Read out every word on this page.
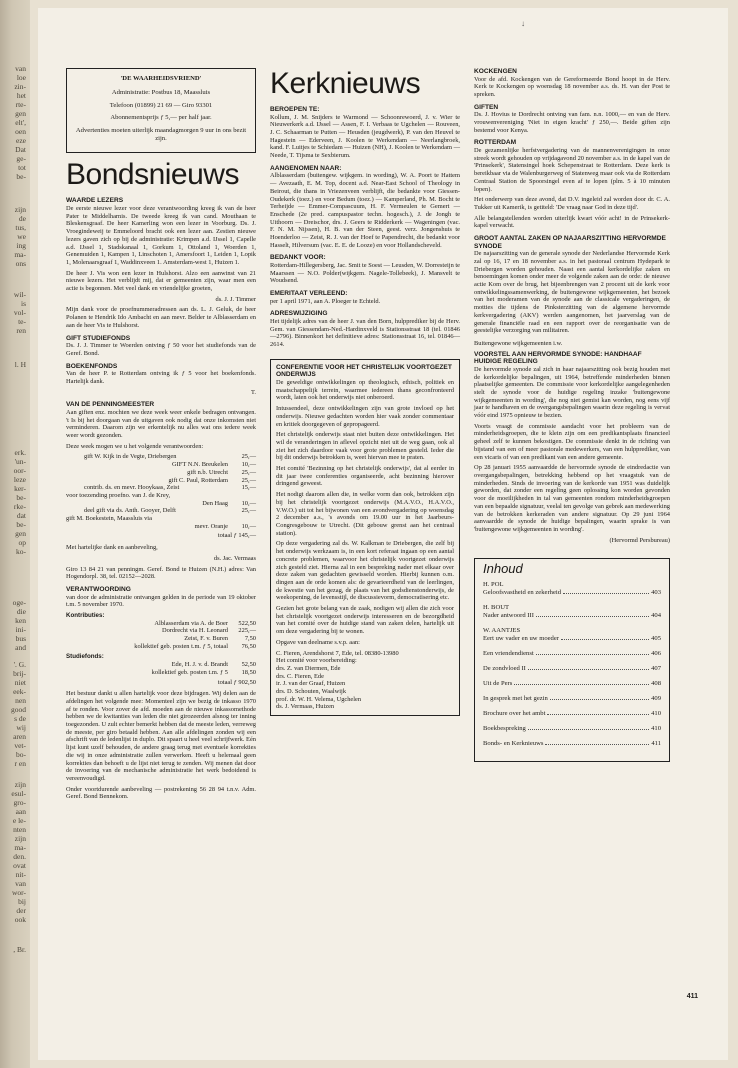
van
loe
zin-
het
rte-
gen
elt',
oen
eze
Dat
ge-
tot
be-
zijn
de
tus,
we
ing
ma-
ons
wil-
is
vol-
te-
ren
l. H
erk.
'un-
oor-
leze
ker-
be-
rke-
dat
be-
gen
op
ko-
oge-
die
ken
ini-
bus
and
'. G.
brij-
niet
eek-
nen
good
s de
wij
aren
vet-
bo-
r en
zijn
esul-
gro-
aan
e le-
nten
zijn
ma-
den.
ovat
nit-
van
wor-
bij
der
ook
, Br.
↓
'DE WAARHEIDSVRIEND'
Administratie: Postbus 18, Maassluis
Telefoon (01899) 21 69 — Giro 93301
Abonnementsprijs ƒ 5,— per half jaar.
Advertenties moeten uiterlijk maandagmorgen 9 uur in ons bezit zijn.
Bondsnieuws
WAARDE LEZERS

De eerste nieuwe lezer voor deze verantwoording kreeg ik van de heer Pater te Middelharnis. De tweede kreeg ik van cand. Mouthaan te Bleskensgraaf. De heer Kamerling won een lezer in Voorburg. Ds. J. Vroegindeweij te Emmeloord bracht ook een lezer aan. Zestien nieuwe lezers gaven zich op bij de administratie: Krimpen a.d. IJssel 1, Capelle a.d. IJssel 1, Stadskanaal 1, Gorkum 1, Ottoland 1, Woerden 1, Genemuiden 1, Kampen 1, Linschoten 1, Amersfoort 1, Leiden 1, Lopik 1, Molenaarsgraaf 1, Waddinxveen 1. Amsterdam-west 1, Huizen 1.

De heer J. Vis won een lezer in Hulshorst. Alzo een aanwinst van 21 nieuwe lezers. Het verblijdt mij, dat er gemeenten zijn, waar men een actie is begonnen. Met veel dank en vriendelijke groeten,

ds. J. J. Timmer

Mijn dank voor de proefnummeradressen aan ds. L. J. Geluk, de heer Polanen te Hendrik Ido Ambacht en aan mevr. Belder te Alblasserdam en aan de heer Vis te Hulshorst.

GIFT STUDIEFONDS

Ds. J. J. Timmer te Woerden ontving ƒ 50 voor het studiefonds van de Geref. Bond.

BOEKENFONDS

Van de heer P. te Rotterdam ontving ik ƒ 5 voor het boekenfonds. Hartelijk dank.

T.

VAN DE PENNINGMEESTER

Aan giften enz. mochten we deze week weer enkele bedragen ontvangen. 't Is bij het doorgaan van de uitgaven ook nodig dat onze inkomsten niet verminderen. Daarom zijn we erkentelijk nu alles wat ons iedere week weer wordt gezonden.

Deze week mogen we u het volgende verantwoorden:

gift W. Kijk in de Vegte, Driebergen	25,—
GIFT N.N. Breukelen	10,—
gift n.b. Utrecht	25,—
gift C. Paul, Rotterdam	25,—
contrib. ds. en mevr. Hooykaas, Zeist	15,—
voor toezending proefno. van J. de Krey,
Den Haag	10,—
deel gift via ds. Anth. Gooyer, Delft	25,—
gift M. Boekestein, Maassluis via
mevr. Oranje	10,—
totaal ƒ 145,—

Met hartelijke dank en aanbeveling,

ds. Jac. Vermaas

Giro 13 84 21 van penningm. Geref. Bond te Huizen (N.H.) adres: Van Hogendorpl. 38, tel. 02152—2028.

VERANTWOORDING

van door de administratie ontvangen gelden in de periode van 19 oktober t.m. 5 november 1970.

Kontributies:
Alblasserdam via A. de Boer	522,50
Dordrecht via H. Leonard	225,—
Zeist, F. v. Buren	7,50
kollektief geb. posten t.m. ƒ 5, totaal	76,50
Studiefonds:
Ede, H. J. v. d. Brandt	52,50
kollektief geb. posten t.m. ƒ 5	18,50
totaal ƒ 902,50

Het bestuur dankt u allen hartelijk voor deze bijdragen. Wij delen aan de afdelingen het volgende mee: Momenteel zijn we bezig de inkasso 1970 af te ronden. Voor zover de afd. moeden aan de nieuwe inkassomethode hebben we de kwitanties van leden die niet girozeerden alsnog ter inning toegezonden. U zult echter bemerkt hebben dat de meeste leden, verreweg de meeste, per giro betaald hebben. Aan alle afdelingen zonden wij een afschrift van de ledenlijst in duplo. Dit spaart u heel veel schrijfwerk. Eén lijst kunt uzelf behouden, de andere graag terug met eventuele korrekties die wij in onze administratie zullen verwerken. Heeft u helemaal geen korrekties dan behoeft u de lijst niet terug te zenden. Wij menen dat door de invoering van de mechanische administratie het werk bedoidend is vereenvoudigd.

Onder voortdurende aanbeveling — postrekening 56 28 94 t.n.v. Adm. Geref. Bond Bennekom.

Kerknieuws
BEROEPEN TE:

Kollum, J. M. Snijders te Warmond — Schoonrewoerd, J. v. Wier te Nieuwerkerk a.d. IJssel — Assen, F. I. Verbaas te Ugchelen — Rouveen, J. C. Schaarman te Putten — Heusden (jeugdwerk), P. van den Heuvel te Hagestein — Ederveen, J. Koolen te Werkendam — Neerlangbroek, kand. F. Luitjes te Schiedam — Huizen (NH), J. Koolen te Werkendam — Neede, T. Tijsma te Sexbierum.

AANGENOMEN NAAR:

Alblasserdam (buitengew. wijkgem. in wording), W. A. Poort te Hattem — Avezaath, E. M. Top, docent a.d. Near-East School of Theology in Beirout, die thans in Vriezenveen verblijft, die bedankte voor Giessen-Oudekerk (toez.) en voor Bedum (toez.) — Kamperland, Ph. M. Bocht te Terheijde — Emmer-Compascuum, H. F. Vermeulen te Gemert — Enschede (2e pred. campuspastor techn. hogesch.), J. de Jongh te Uithoorn — Dreischor, drs. J. Geers te Ridderkerk — Wageningen (vac. F. N. M. Nijssen), H. B. van der Steen, geest. verz. Jongenshuis te Hoenderloo — Zeist, R. J. van der Hoef te Papendrecht, die bedankt voor Hasselt, Hilversum (vac. E. E. de Looze) en voor Hollandscheveld.

BEDANKT VOOR:

Rotterdam-Hillegersberg, Jac. Smit te Soest — Leusden, W. Dorresteijn te Maarssen — N.O. Polder(wijkgem. Nagele-Tollebeek), J. Mansvelt te Woudsend.

EMERITAAT VERLEEND:

per 1 april 1971, aan A. Ploeger te Echteld.

ADRESWIJZIGING

Het tijdelijk adres van de heer J. van den Born, hulpprediker bij de Herv. Gem. van Giessendam-Ned.-Hardinxveld is Stationsstraat 18 (tel. 01846—2796). Binnenkort het definitieve adres: Stationsstraat 16, tel. 01846—2614.

CONFERENTIE VOOR HET CHRISTELIJK VOORTGEZET ONDERWIJS

De geweldige ontwikkelingen op theologisch, ethisch, politiek en maatschappelijk terrein, waarmee iedereen thans geconfronteerd wordt, laten ook het onderwijs niet onberoerd.

Intussendeel, deze ontwikkelingen zijn van grote invloed op het onderwijs. Nieuwe gedachten worden hier vaak zonder commentaar en kritiek doorgegeven of gepropageerd.

Het christelijk onderwijs staat niet buiten deze ontwikkelingen. Het wil de veranderingen in aflevel opzicht niet uit de weg gaan, ook al ziet het zich daardoor vaak voor grote problemen gesteld. Ieder die bij dit onderwijs betrokken is, weet hiervan mee te praten.

Het comité 'Bezinning op het christelijk onderwijs', dat al eerder in dit jaar twee conferenties organiseerde, acht bezinning hierover dringend geweest.

Het nodigt daarom allen die, in welke vorm dan ook, betrokken zijn bij het christelijk voortgezet onderwijs (M.A.V.O., H.A.V.O., V.W.O.) uit tot het bijwonen van een avondvergadering op woensdag 2 december a.s., 's avonds om 19.00 uur in het Jaarbeurs-Congresgebouw te Utrecht. (Dit gebouw grenst aan het centraal station).

Op deze vergadering zal ds. W. Kalkman te Driebergen, die zelf bij het onderwijs werkzaam is, in een kort referaat ingaan op een aantal concrete problemen, waarvoor het christelijk voortgezet onderwijs zich gesteld ziet. Hierna zal in een bespreking nader met elkaar over deze zaken van gedachten gewisseld worden. Hierbij kunnen o.m. dingen aan de orde komen als: de gevarieerdheid van de leerlingen, de kwestie van het gezag, de plaats van het godsdienstonderwijs, de weekopening, de levensstijl, de discussievorm, democratisering etc.

Gezien het grote belang van de zaak, nodigen wij allen die zich voor het christelijk voortgezet onderwijs interesseren en de bezorgdheid van het comité over de huidige stand van zaken delen, hartelijk uit om deze vergadering bij te wonen.

Opgave van deelname s.v.p. aan:

C. Fieren, Arendshorst 7, Ede, tel. 08380-13980
Het comité voor voorbereiding:
drs. Z. van Diermen, Ede
drs. C. Fieren, Ede
ir. J. van der Graaf, Huizen
drs. D. Schouten, Waalwijk
prof. dr. W. H. Velema, Ugchelen
ds. J. Vermaas, Huizen
KOCKENGEN

Voor de afd. Kockengen van de Gereformeerde Bond hoopt in de Herv. Kerk te Kockengen op woensdag 18 november a.s. ds. H. van der Post te spreken.

GIFTEN

Ds. J. Hovius te Dordrecht ontving van fam. n.n. 1000,— en van de Herv. vrouwenvereniging 'Niet in eigen kracht' ƒ 250,—. Beide giften zijn bestemd voor Kenya.

ROTTERDAM

De gezamenlijke herfstvergadering van de mannenverenigingen in onze streek wordt gehouden op vrijdagavond 20 november a.s. in de kapel van de 'Prinsekerk', Statensingel hoek Schepenstraat te Rotterdam. Deze kerk is bereikbaar via de Walenburgerweg of Statenweg maar ook via de Rotterdam Centraal Station de Spoorsingel even af te lopen (plm. 5 à 10 minuten lopen).

Het onderwerp van deze avond, dat D.V. ingeleid zal worden door dr. C. A. Tukker uit Kamerik, is getiteld: 'De vraag naar God in deze tijd'.

Alle belangstellenden worden uiterlijk kwart vóór acht! in de Prinsekerk-kapel verwacht.

GROOT AANTAL ZAKEN OP NAJAARSZITTING HERVORMDE SYNODE

De najaarszitting van de generale synode der Nederlandse Hervormde Kerk zal op 16, 17 en 18 november a.s. in het pastoraal centrum Hydepark te Driebergen worden gehouden. Naast een aantal kerkordelijke zaken en benoemingen komen onder meer de volgende zaken aan de orde: de nieuwe actie Kom over de brug, het bijeenbrengen van 2 procent uit de kerk voor ontwikkelingssamenwerking, de buitengewone wijkgemeenten, het bezoek van het moderamen van de synode aan de classicale vergaderingen, de motties die tijdens de Pinksterzitting van de algemene hervormde kerkvergadering (AKV) werden aangenomen, het jaarverslag van de generale financiële raad en een rapport over de reorganisatie van de geestelijke verzorging van militairen.

Buitengewone wijkgemeenten i.w.

VOORSTEL AAN HERVORMDE SYNODE: HANDHAAF HUIDIGE REGELING

De hervormde synode zal zich in haar najaarszitting ook bezig houden met de kerkordelijke bepalingen, uit 1964, betreffende minderheden binnen plaatselijke gemeenten. De commissie voor kerkordelijke aangelegenheden stelt de synode voor de huidige regeling inzake 'buitengewone wijkgemeenten in wording', die nog niet gemist kan worden, nog eens vijf jaar te handhaven en de overgangsbepalingen waarin deze regeling is vervat vóór eind 1975 opnieuw te bezien.

Voorts vraagt de commissie aandacht voor het probleem van de minderheidsgroepen, die te klein zijn om een predikantsplaats financieel geheel zelf te kunnen bekostigen. De commissie denkt in de richting van bijstand van een of meer pastorale medewerkers, van een hulpprediker, van een vicaris of van een predikant van een andere gemeente.

Op 28 januari 1955 aanvaardde de hervormde synode de eindredactie van overgangsbepalingen, betrekking hebbend op het vraagstuk van de minderheden. Sinds de invoering van de kerkorde van 1951 was duidelijk geworden, dat zonder een regeling geen oplossing kon worden gevonden voor de moeilijkheden in tal van gemeenten rondom minderheidsgroepen van een bepaalde signatuur, veelal ten gevolge van gebrek aan medewerking van de betrokken kerkeraden van andere signatuur. Op 29 juni 1964 aanvaardde de synode de huidige bepalingen, waarin sprake is van 'buitengewone wijkgemeenten in wording'.

(Hervormd Persbureau)

Inhoud
H. POL
Geloofsvastheid en zekerheid	403
H. BOUT
Nader antwoord III	404
W. AANTJES
Eert uw vader en uw moeder	405
Een vriendendienst	406
De zondvloed II	407
Uit de Pers	408
In gesprek met het gezin	409
Brochure over het ambt	410
Boekbespreking	410
Bonds- en Kerknieuws	411
411
